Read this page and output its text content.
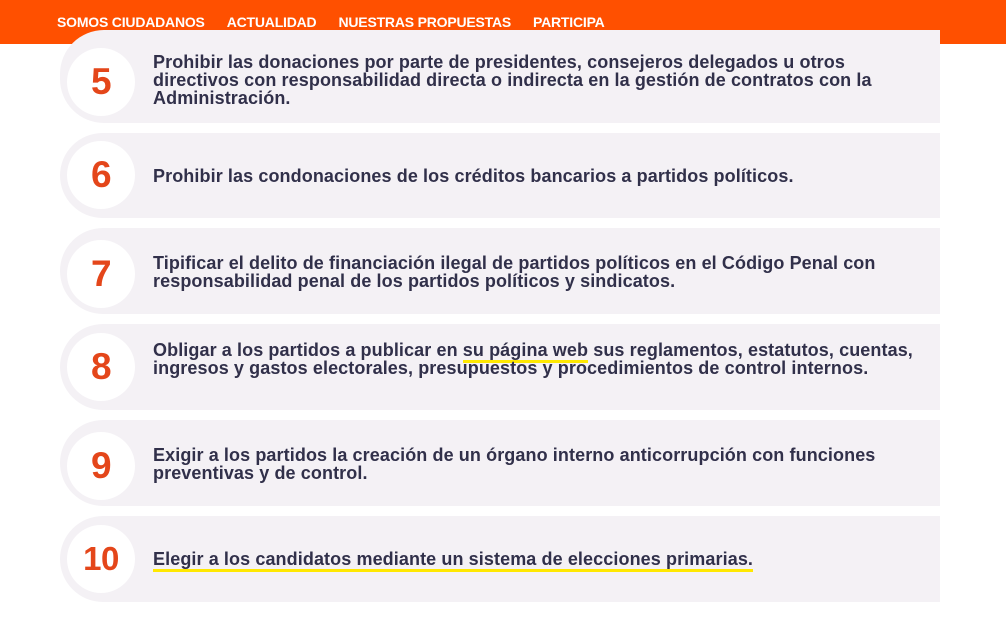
SOMOS CIUDADANOS ACTUALIDAD NUESTRAS PROPUESTAS PARTICIPA
5 Prohibir las donaciones por parte de presidentes, consejeros delegados u otros directivos con responsabilidad directa o indirecta en la gestión de contratos con la Administración.
6 Prohibir las condonaciones de los créditos bancarios a partidos políticos.
7 Tipificar el delito de financiación ilegal de partidos políticos en el Código Penal con responsabilidad penal de los partidos políticos y sindicatos.
8 Obligar a los partidos a publicar en su página web sus reglamentos, estatutos, cuentas, ingresos y gastos electorales, presupuestos y procedimientos de control internos.
9 Exigir a los partidos la creación de un órgano interno anticorrupción con funciones preventivas y de control.
10 Elegir a los candidatos mediante un sistema de elecciones primarias.
